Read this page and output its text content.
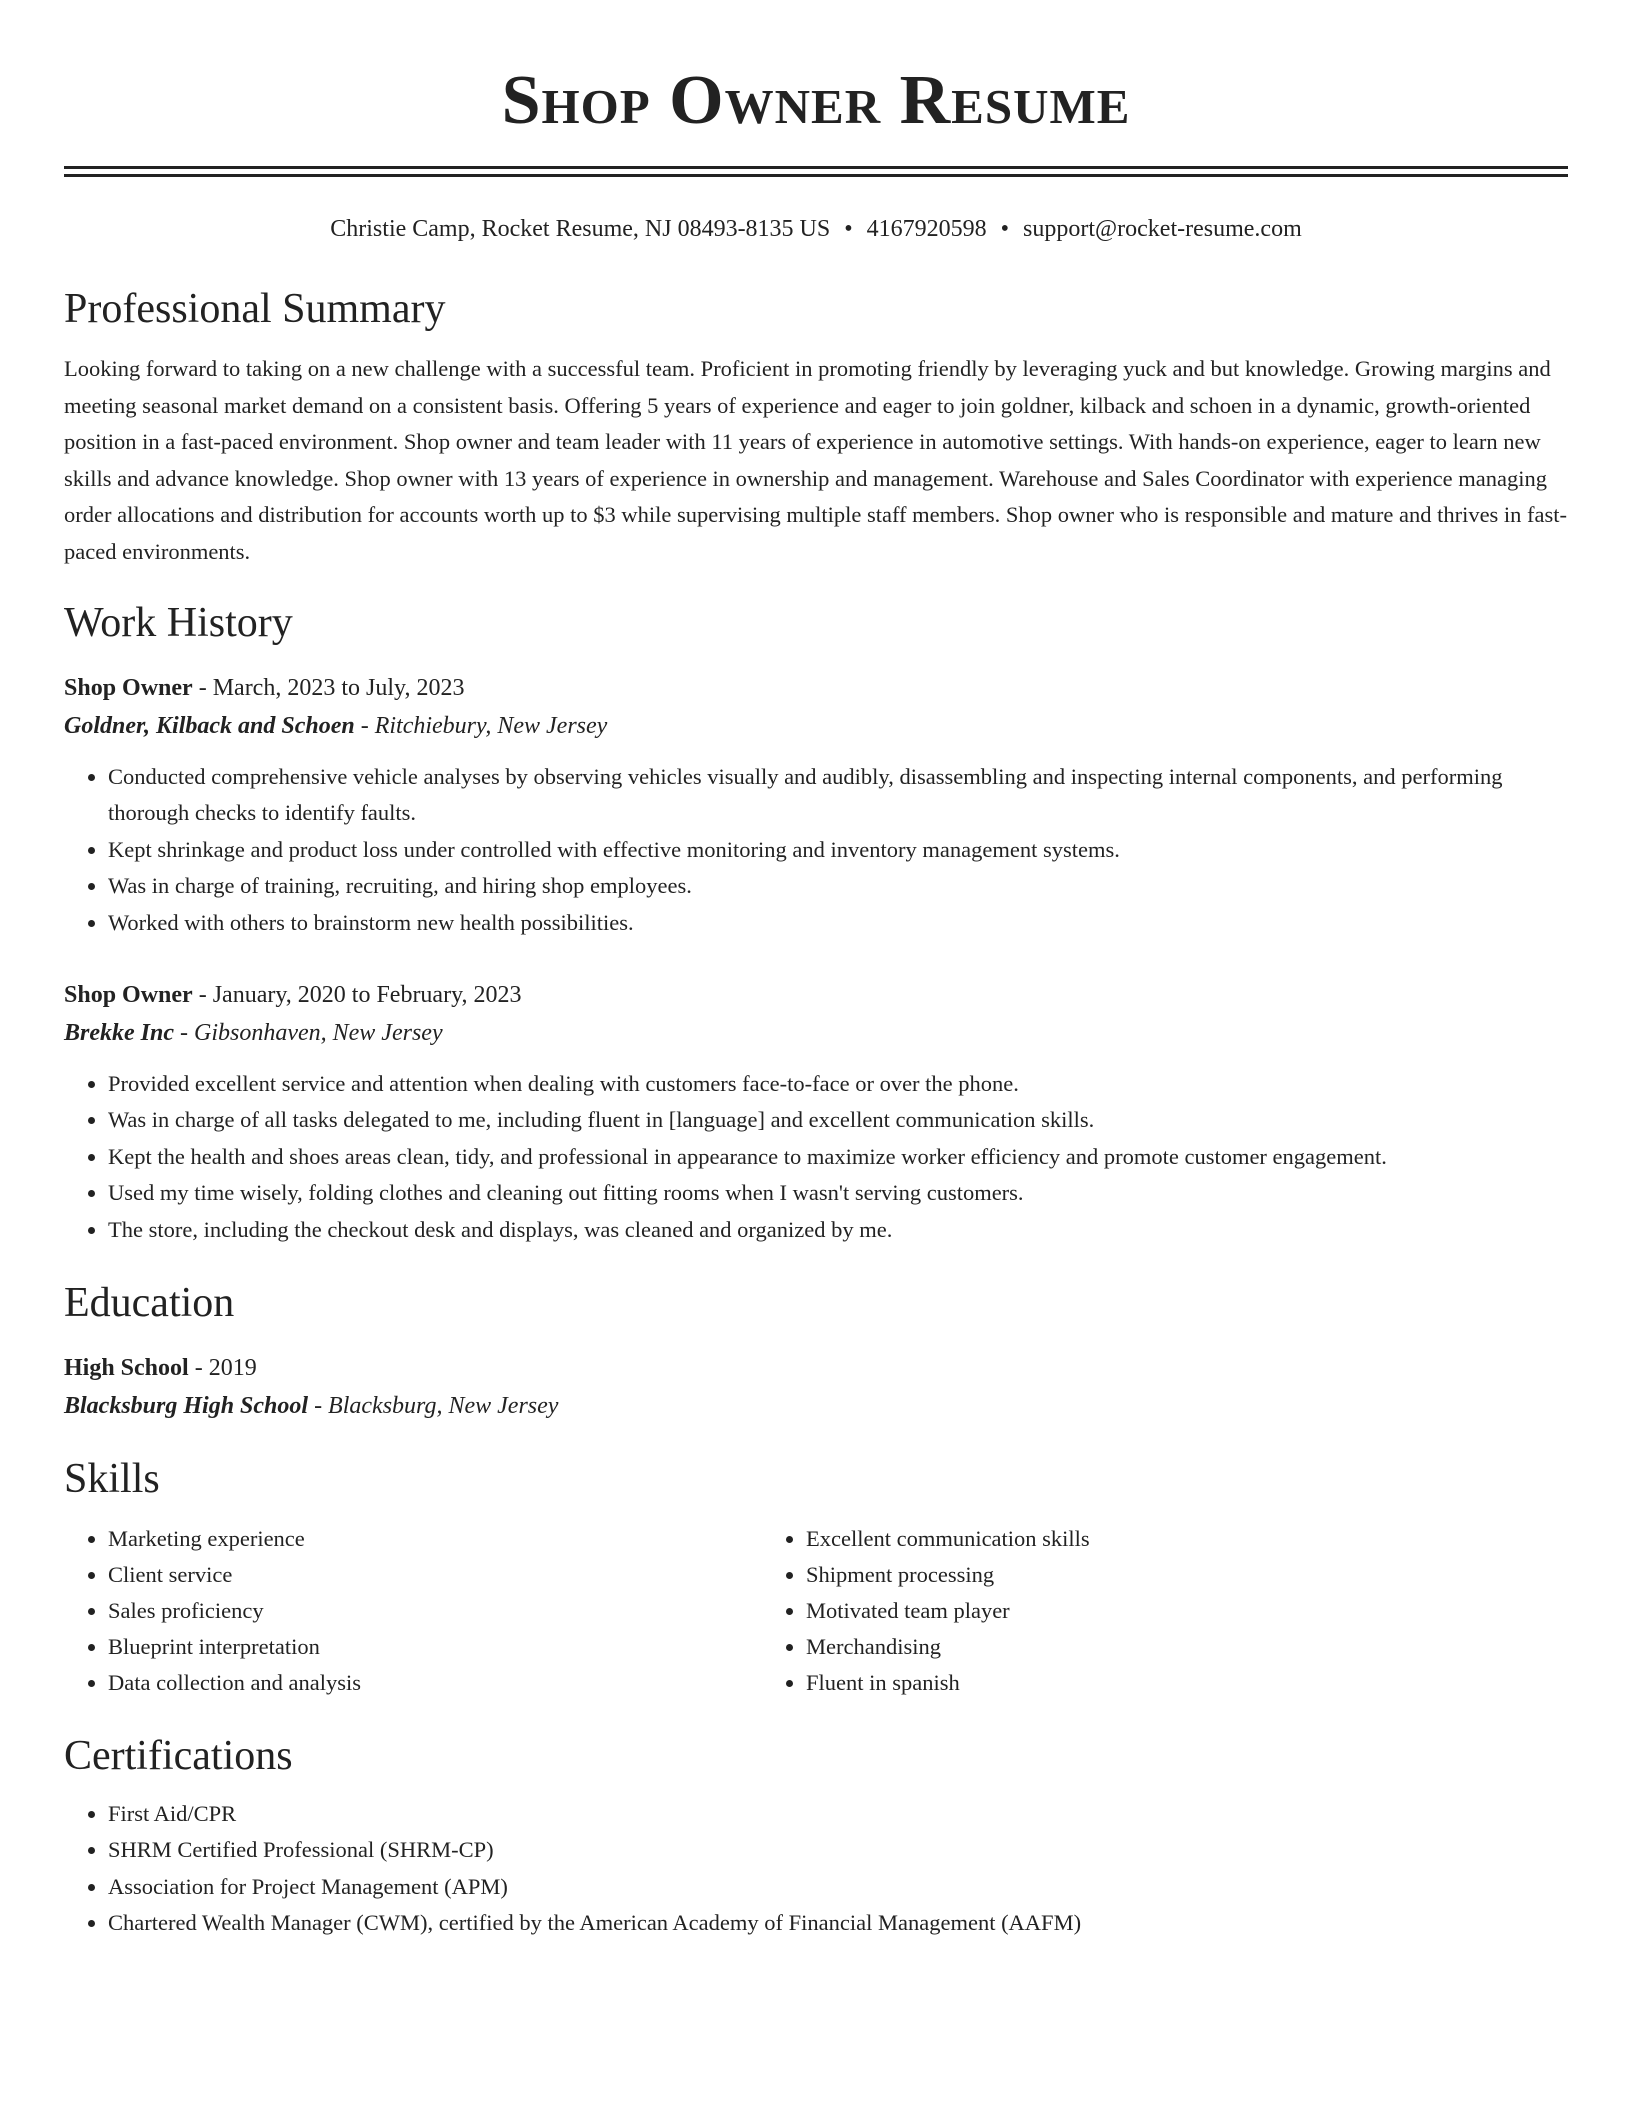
Shop Owner Resume
Christie Camp, Rocket Resume, NJ 08493-8135 US • 4167920598 • support@rocket-resume.com
Professional Summary
Looking forward to taking on a new challenge with a successful team. Proficient in promoting friendly by leveraging yuck and but knowledge. Growing margins and meeting seasonal market demand on a consistent basis. Offering 5 years of experience and eager to join goldner, kilback and schoen in a dynamic, growth-oriented position in a fast-paced environment. Shop owner and team leader with 11 years of experience in automotive settings. With hands-on experience, eager to learn new skills and advance knowledge. Shop owner with 13 years of experience in ownership and management. Warehouse and Sales Coordinator with experience managing order allocations and distribution for accounts worth up to $3 while supervising multiple staff members. Shop owner who is responsible and mature and thrives in fast-paced environments.
Work History
Shop Owner - March, 2023 to July, 2023
Goldner, Kilback and Schoen - Ritchiebury, New Jersey
• Conducted comprehensive vehicle analyses by observing vehicles visually and audibly, disassembling and inspecting internal components, and performing thorough checks to identify faults.
• Kept shrinkage and product loss under controlled with effective monitoring and inventory management systems.
• Was in charge of training, recruiting, and hiring shop employees.
• Worked with others to brainstorm new health possibilities.
Shop Owner - January, 2020 to February, 2023
Brekke Inc - Gibsonhaven, New Jersey
• Provided excellent service and attention when dealing with customers face-to-face or over the phone.
• Was in charge of all tasks delegated to me, including fluent in [language] and excellent communication skills.
• Kept the health and shoes areas clean, tidy, and professional in appearance to maximize worker efficiency and promote customer engagement.
• Used my time wisely, folding clothes and cleaning out fitting rooms when I wasn't serving customers.
• The store, including the checkout desk and displays, was cleaned and organized by me.
Education
High School - 2019
Blacksburg High School - Blacksburg, New Jersey
Skills
• Marketing experience
• Client service
• Sales proficiency
• Blueprint interpretation
• Data collection and analysis
• Excellent communication skills
• Shipment processing
• Motivated team player
• Merchandising
• Fluent in spanish
Certifications
• First Aid/CPR
• SHRM Certified Professional (SHRM-CP)
• Association for Project Management (APM)
• Chartered Wealth Manager (CWM), certified by the American Academy of Financial Management (AAFM)
